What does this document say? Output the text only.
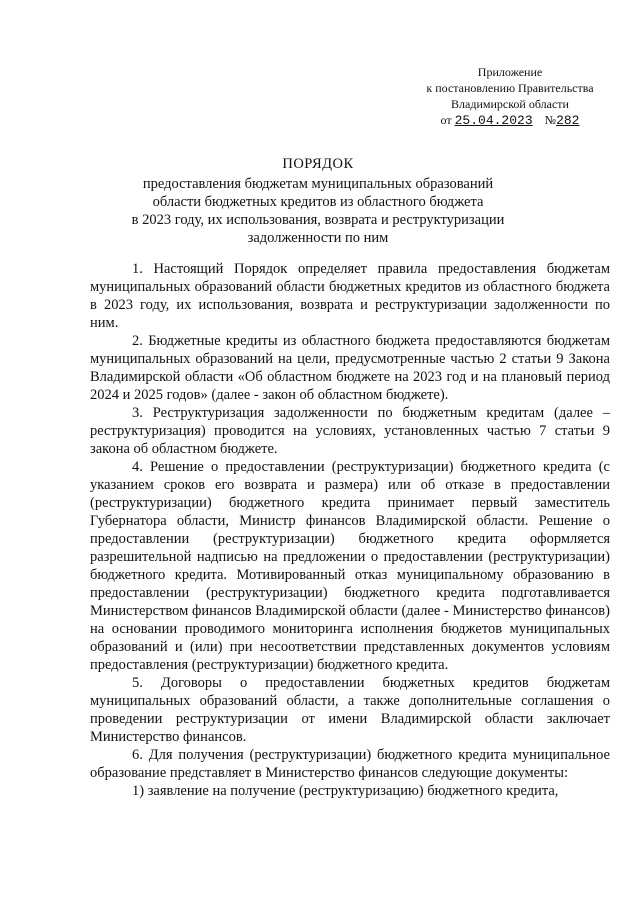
Приложение
к постановлению Правительства
Владимирской области
от 25.04.2023 №282
ПОРЯДОК
предоставления бюджетам муниципальных образований
области бюджетных кредитов из областного бюджета
в 2023 году, их использования, возврата и реструктуризации
задолженности по ним

1. Настоящий Порядок определяет правила предоставления бюджетам муниципальных образований области бюджетных кредитов из областного бюджета в 2023 году, их использования, возврата и реструктуризации задолженности по ним.

2. Бюджетные кредиты из областного бюджета предоставляются бюджетам муниципальных образований на цели, предусмотренные частью 2 статьи 9 Закона Владимирской области «Об областном бюджете на 2023 год и на плановый период 2024 и 2025 годов» (далее - закон об областном бюджете).

3. Реструктуризация задолженности по бюджетным кредитам (далее – реструктуризация) проводится на условиях, установленных частью 7 статьи 9 закона об областном бюджете.

4. Решение о предоставлении (реструктуризации) бюджетного кредита (с указанием сроков его возврата и размера) или об отказе в предоставлении (реструктуризации) бюджетного кредита принимает первый заместитель Губернатора области, Министр финансов Владимирской области. Решение о предоставлении (реструктуризации) бюджетного кредита оформляется разрешительной надписью на предложении о предоставлении (реструктуризации) бюджетного кредита. Мотивированный отказ муниципальному образованию в предоставлении (реструктуризации) бюджетного кредита подготавливается Министерством финансов Владимирской области (далее - Министерство финансов) на основании проводимого мониторинга исполнения бюджетов муниципальных образований и (или) при несоответствии представленных документов условиям предоставления (реструктуризации) бюджетного кредита.

5. Договоры о предоставлении бюджетных кредитов бюджетам муниципальных образований области, а также дополнительные соглашения о проведении реструктуризации от имени Владимирской области заключает Министерство финансов.

6. Для получения (реструктуризации) бюджетного кредита муниципальное образование представляет в Министерство финансов следующие документы:

1) заявление на получение (реструктуризацию) бюджетного кредита,
